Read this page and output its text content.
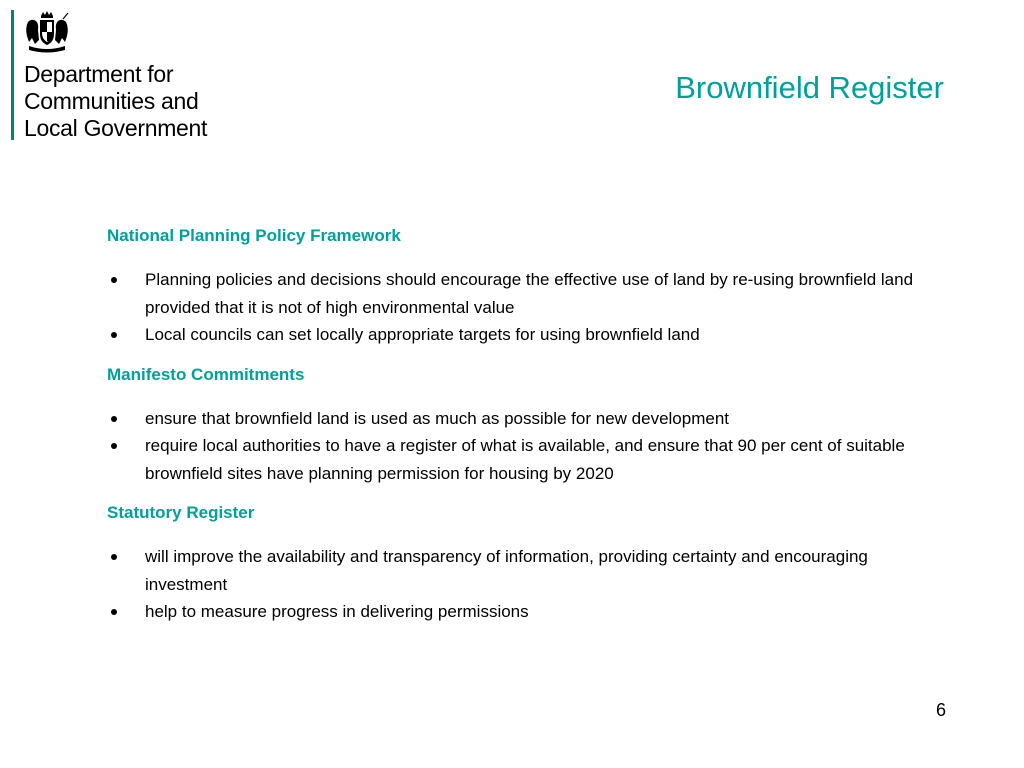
Department for
Communities and
Local Government
Brownfield Register
National Planning Policy Framework
Planning policies and decisions should encourage the effective use of land by re-using brownfield land provided that it is not of high environmental value
Local councils can set locally appropriate targets for using brownfield land
Manifesto Commitments
ensure that brownfield land is used as much as possible for new development
require local authorities to have a register of what is available, and ensure that 90 per cent of suitable brownfield sites have planning permission for housing by 2020
Statutory Register
will improve the availability and transparency of information, providing certainty and encouraging investment
help to measure progress in delivering permissions
6
